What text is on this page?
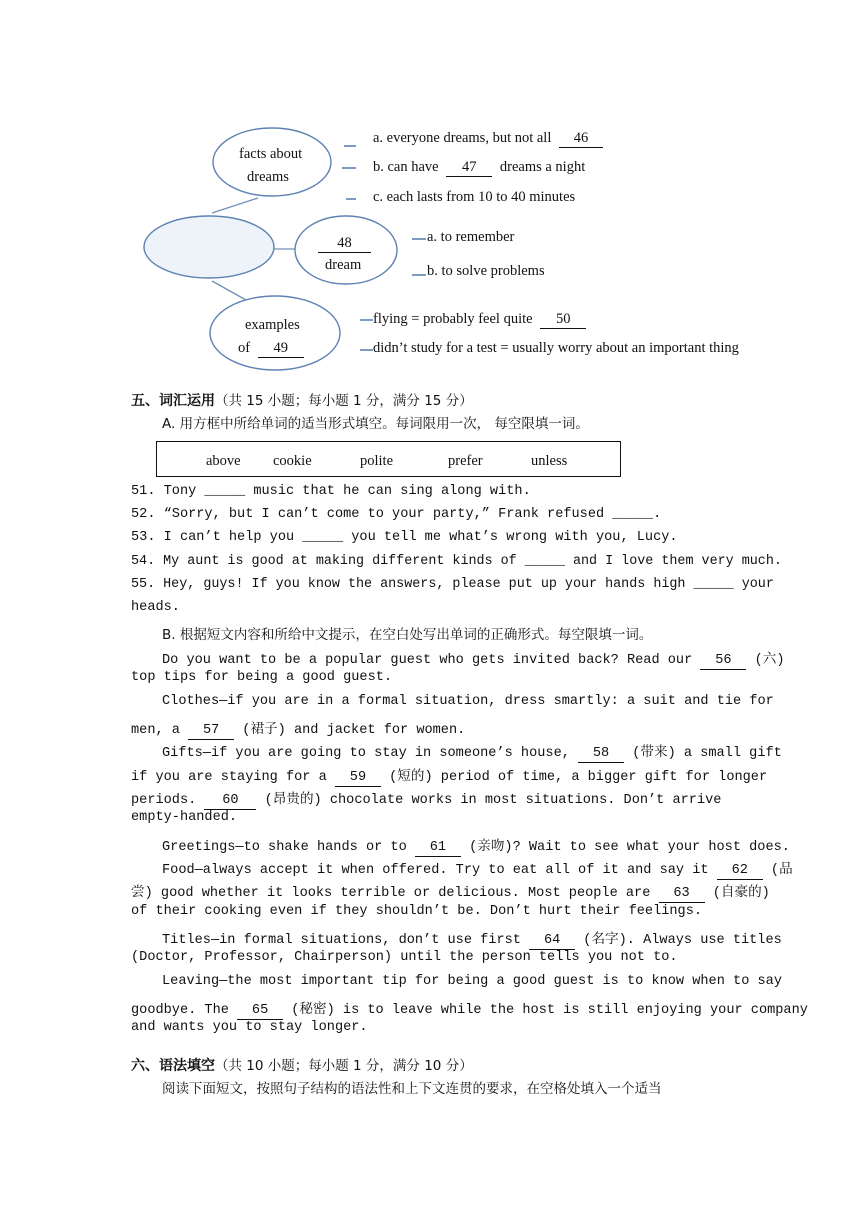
facts about
dreams
a. everyone dreams, but not all 46
b. can have 47 dreams a night
c. each lasts from 10 to 40 minutes
48
dream
a. to remember
b. to solve problems
examples
of 49
flying = probably feel quite 50
didn’t study for a test = usually worry about an important thing
五、词汇运用（共 15 小题；每小题 1 分，满分 15 分）
A. 用方框中所给单词的适当形式填空。每词限用一次， 每空限填一词。
above cookie	polite	prefer	unless
51. Tony _____ music that he can sing along with.
52. “Sorry, but I can’t come to your party,” Frank refused _____.
53. I can’t help you _____ you tell me what’s wrong with you, Lucy.
54. My aunt is good at making different kinds of _____ and I love them very much.
55. Hey, guys! If you know the answers, please put up your hands high _____ your
heads.
B. 根据短文内容和所给中文提示，在空白处写出单词的正确形式。每空限填一词。
Do you want to be a popular guest who gets invited back? Read our 56 (六)
top tips for being a good guest.
Clothes—if you are in a formal situation, dress smartly: a suit and tie for
men, a 57 (裙子) and jacket for women.
Gifts—if you are going to stay in someone’s house, 58 (带来) a small gift
if you are staying for a 59 (短的) period of time, a bigger gift for longer
periods. 60 (昂贵的) chocolate works in most situations. Don’t arrive
empty-handed.
Greetings—to shake hands or to 61 (亲吻)? Wait to see what your host does.
Food—always accept it when offered. Try to eat all of it and say it 62 (品
尝) good whether it looks terrible or delicious. Most people are 63 (自豪的)
of their cooking even if they shouldn’t be. Don’t hurt their feelings.
Titles—in formal situations, don’t use first 64 (名字). Always use titles
(Doctor, Professor, Chairperson) until the person tells you not to.
Leaving—the most important tip for being a good guest is to know when to say
goodbye. The 65 (秘密) is to leave while the host is still enjoying your company
and wants you to stay longer.
六、语法填空（共 10 小题；每小题 1 分，满分 10 分）
阅读下面短文，按照句子结构的语法性和上下文连贯的要求，在空格处填入一个适当
